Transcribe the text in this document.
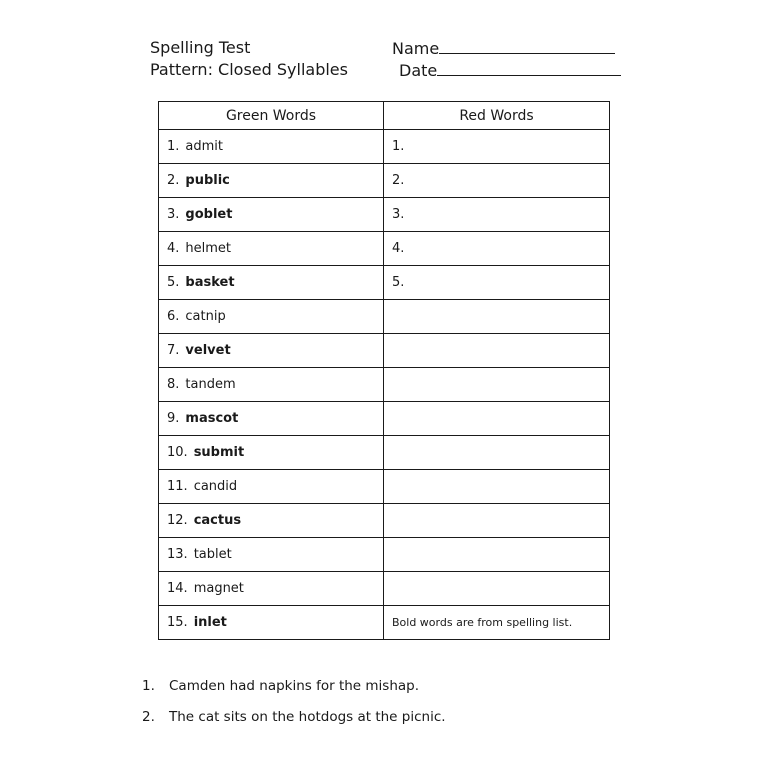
Spelling Test
Pattern: Closed Syllables
Name
Date
Green Words	Red Words
1. admit	1.
2. public	2.
3. goblet	3.
4. helmet	4.
5. basket	5.
6. catnip	
7. velvet	
8. tandem	
9. mascot	
10. submit	
11. candid	
12. cactus	
13. tablet	
14. magnet	
15. inlet	Bold words are from spelling list.
1. Camden had napkins for the mishap.
2. The cat sits on the hotdogs at the picnic.
